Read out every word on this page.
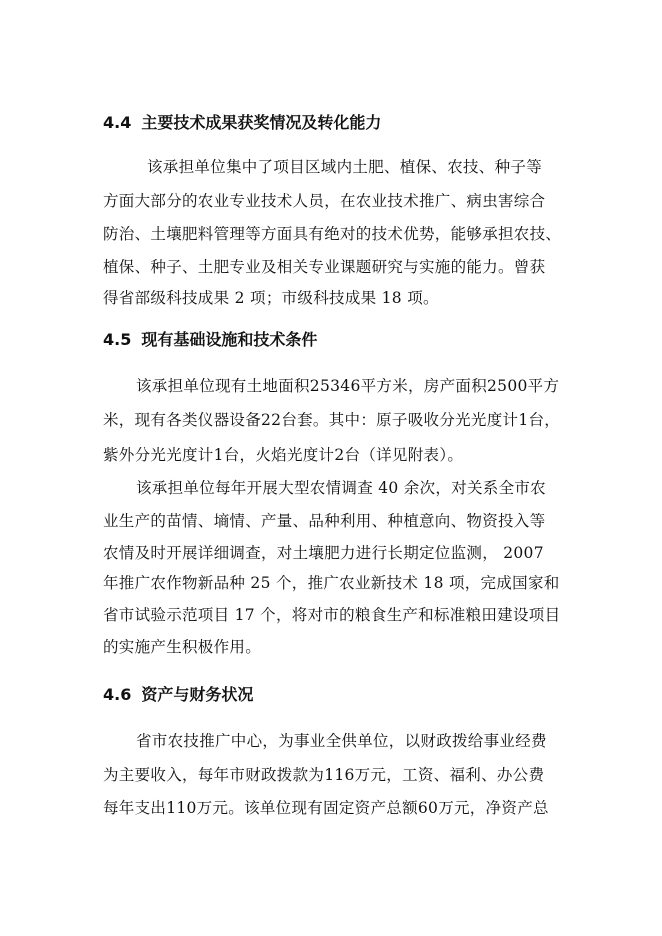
4.4 主要技术成果获奖情况及转化能力
该承担单位集中了项目区域内土肥、植保、农技、种子等
方面大部分的农业专业技术人员，在农业技术推广、病虫害综合
防治、土壤肥料管理等方面具有绝对的技术优势，能够承担农技、
植保、种子、土肥专业及相关专业课题研究与实施的能力。曾获
得省部级科技成果 2 项；市级科技成果 18 项。
4.5 现有基础设施和技术条件
该承担单位现有土地面积25346平方米，房产面积2500平方
米，现有各类仪器设备22台套。其中：原子吸收分光光度计1台，
紫外分光光度计1台，火焰光度计2台（详见附表）。
该承担单位每年开展大型农情调查 40 余次，对关系全市农
业生产的苗情、墒情、产量、品种利用、种植意向、物资投入等
农情及时开展详细调查，对土壤肥力进行长期定位监测， 2007
年推广农作物新品种 25 个，推广农业新技术 18 项，完成国家和
省市试验示范项目 17 个，将对市的粮食生产和标准粮田建设项目
的实施产生积极作用。
4.6 资产与财务状况
省市农技推广中心，为事业全供单位，以财政拨给事业经费
为主要收入，每年市财政拨款为116万元，工资、福利、办公费
每年支出110万元。该单位现有固定资产总额60万元，净资产总
